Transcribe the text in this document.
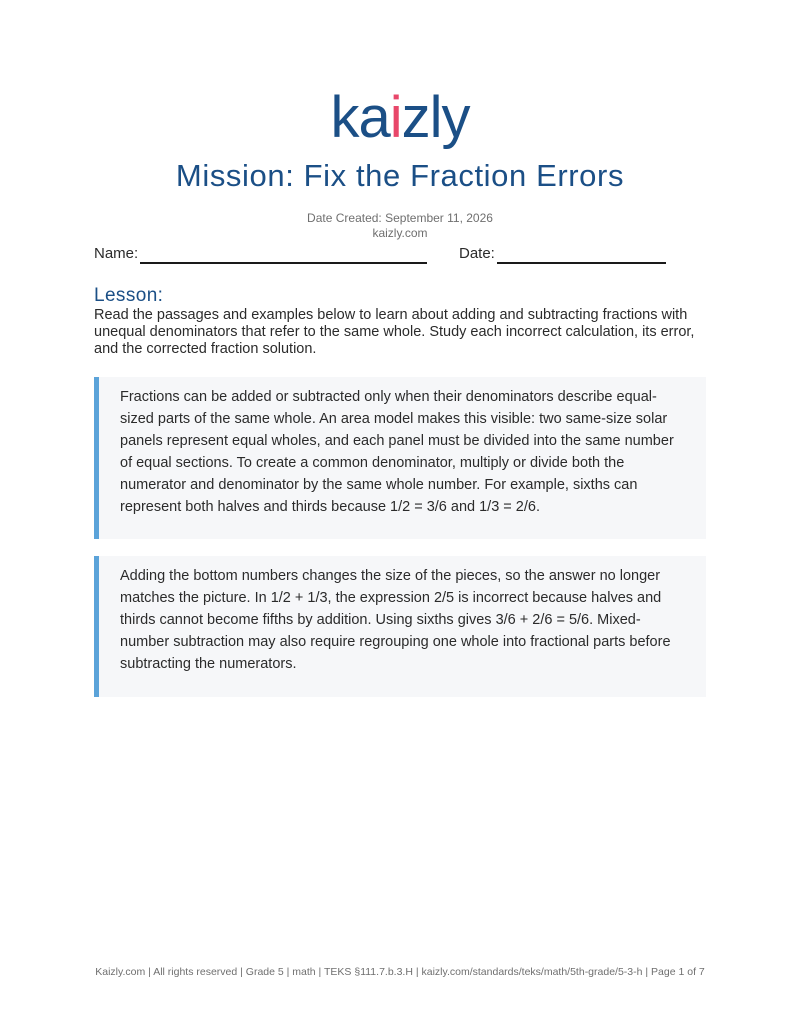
kaizly
Mission: Fix the Fraction Errors
Date Created: September 11, 2026
kaizly.com
Name:	Date:
Lesson:
Read the passages and examples below to learn about adding and subtracting fractions with unequal denominators that refer to the same whole. Study each incorrect calculation, its error, and the corrected fraction solution.
Fractions can be added or subtracted only when their denominators describe equal-sized parts of the same whole. An area model makes this visible: two same-size solar panels represent equal wholes, and each panel must be divided into the same number of equal sections. To create a common denominator, multiply or divide both the numerator and denominator by the same whole number. For example, sixths can represent both halves and thirds because 1/2 = 3/6 and 1/3 = 2/6.
Adding the bottom numbers changes the size of the pieces, so the answer no longer matches the picture. In 1/2 + 1/3, the expression 2/5 is incorrect because halves and thirds cannot become fifths by addition. Using sixths gives 3/6 + 2/6 = 5/6. Mixed-number subtraction may also require regrouping one whole into fractional parts before subtracting the numerators.
Kaizly.com | All rights reserved | Grade 5 | math | TEKS §111.7.b.3.H | kaizly.com/standards/teks/math/5th-grade/5-3-h | Page 1 of 7
